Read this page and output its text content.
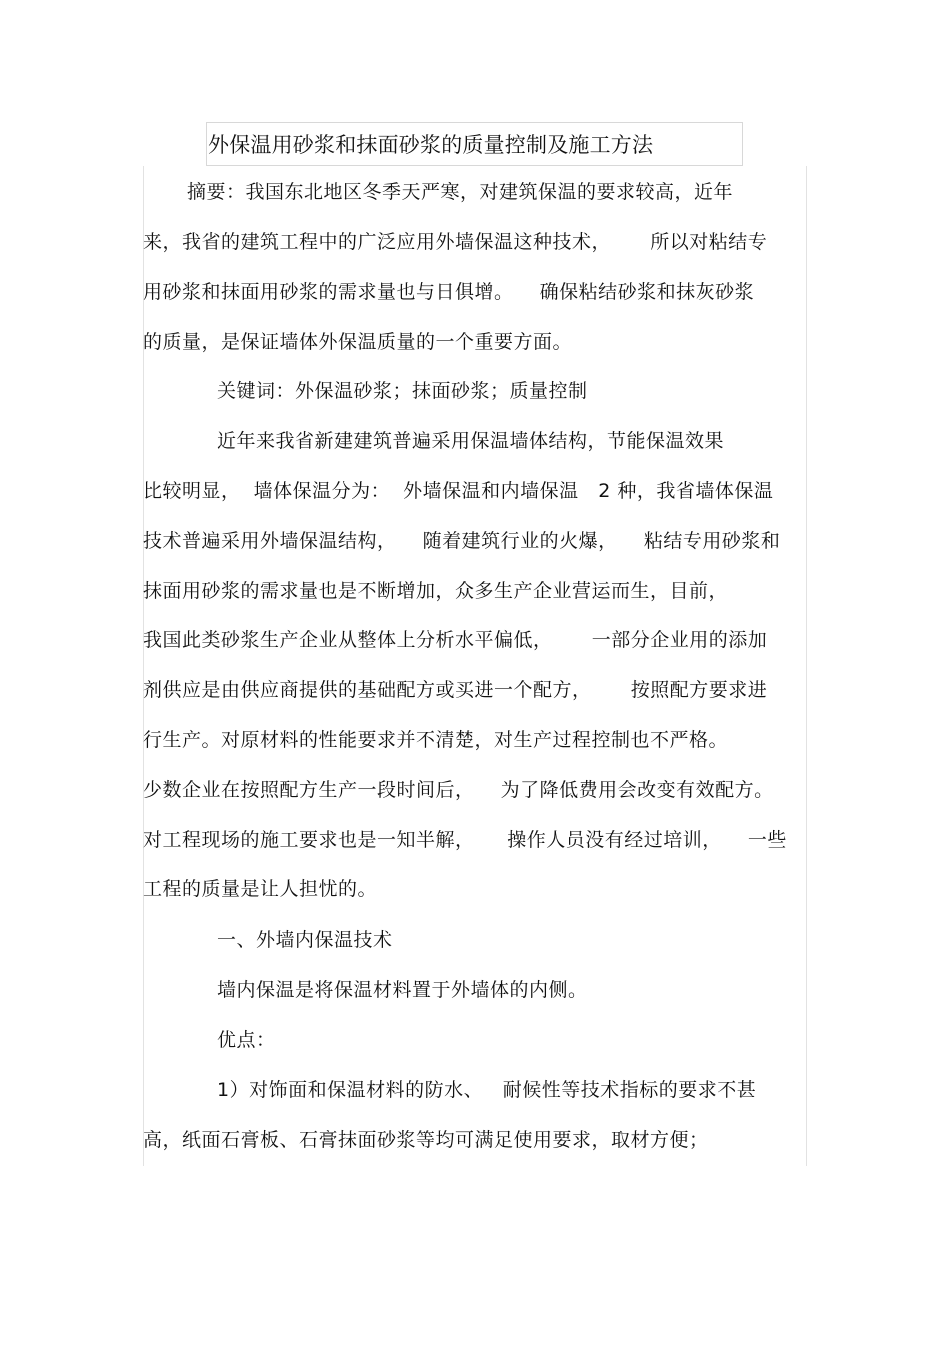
外保温用砂浆和抹面砂浆的质量控制及施工方法
摘要：我国东北地区冬季天严寒，对建筑保温的要求较高，近年
来，我省的建筑工程中的广泛应用外墙保温这种技术，      所以对粘结专
用砂浆和抹面用砂浆的需求量也与日俱增。    确保粘结砂浆和抹灰砂浆
的质量，是保证墙体外保温质量的一个重要方面。
关键词：外保温砂浆；抹面砂浆；质量控制
近年来我省新建建筑普遍采用保温墙体结构，节能保温效果
比较明显，  墙体保温分为：  外墙保温和内墙保温   2 种，我省墙体保温
技术普遍采用外墙保温结构，    随着建筑行业的火爆，    粘结专用砂浆和
抹面用砂浆的需求量也是不断增加，众多生产企业营运而生，目前，
我国此类砂浆生产企业从整体上分析水平偏低，      一部分企业用的添加
剂供应是由供应商提供的基础配方或买进一个配方，      按照配方要求进
行生产。对原材料的性能要求并不清楚，对生产过程控制也不严格。
少数企业在按照配方生产一段时间后，    为了降低费用会改变有效配方。
对工程现场的施工要求也是一知半解，     操作人员没有经过培训，    一些
工程的质量是让人担忧的。
一、外墙内保温技术
墙内保温是将保温材料置于外墙体的内侧。
优点：
1）对饰面和保温材料的防水、   耐候性等技术指标的要求不甚
高，纸面石膏板、石膏抹面砂浆等均可满足使用要求，取材方便；
